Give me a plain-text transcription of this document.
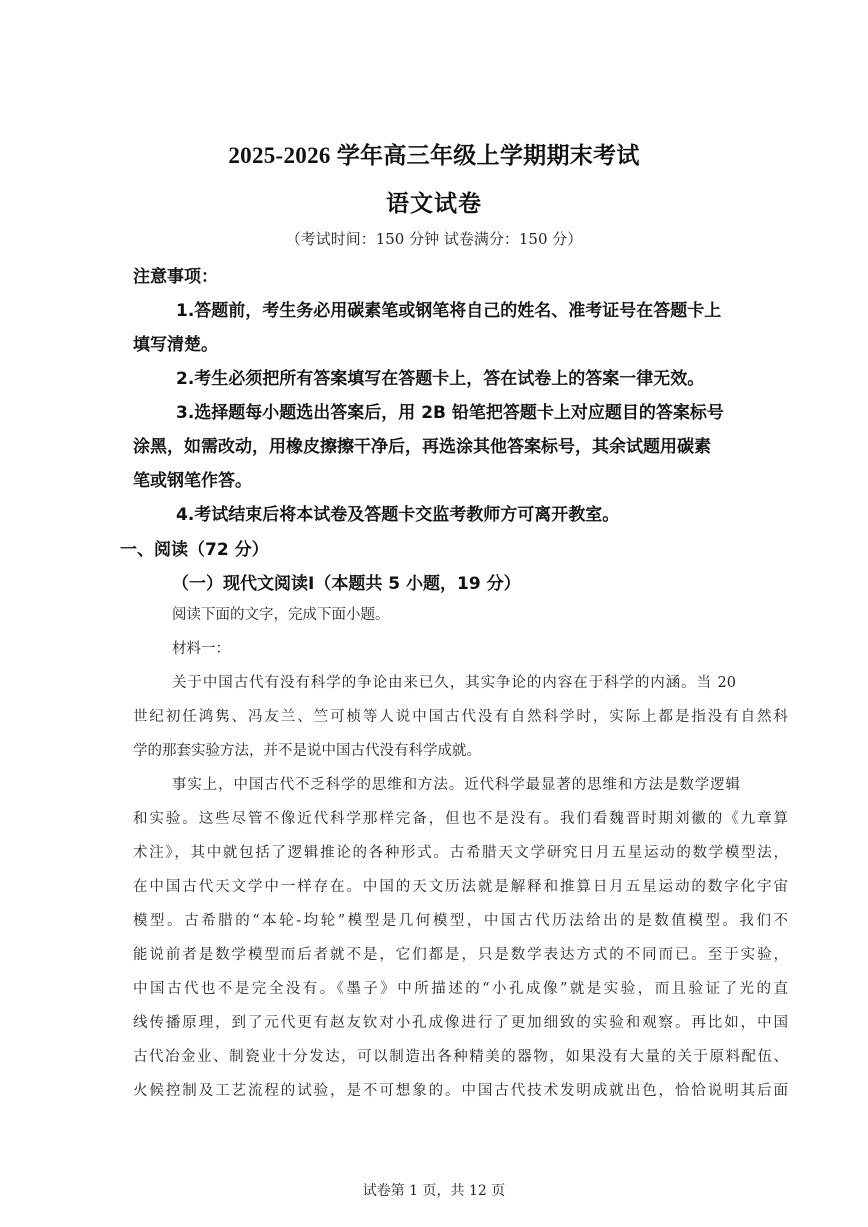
2025-2026 学年高三年级上学期期末考试
语文试卷
（考试时间：150 分钟 试卷满分：150 分）
注意事项：
1.答题前，考生务必用碳素笔或钢笔将自己的姓名、准考证号在答题卡上
填写清楚。
2.考生必须把所有答案填写在答题卡上，答在试卷上的答案一律无效。
3.选择题每小题选出答案后，用 2B 铅笔把答题卡上对应题目的答案标号
涂黑，如需改动，用橡皮擦擦干净后，再选涂其他答案标号，其余试题用碳素
笔或钢笔作答。
4.考试结束后将本试卷及答题卡交监考教师方可离开教室。
一、阅读（72 分）
（一）现代文阅读Ⅰ（本题共 5 小题，19 分）
阅读下面的文字，完成下面小题。
材料一：
关于中国古代有没有科学的争论由来已久，其实争论的内容在于科学的内涵。当 20
世纪初任鸿隽、冯友兰、竺可桢等人说中国古代没有自然科学时，实际上都是指没有自然科
学的那套实验方法，并不是说中国古代没有科学成就。
事实上，中国古代不乏科学的思维和方法。近代科学最显著的思维和方法是数学逻辑
和实验。这些尽管不像近代科学那样完备，但也不是没有。我们看魏晋时期刘徽的《九章算
术注》，其中就包括了逻辑推论的各种形式。古希腊天文学研究日月五星运动的数学模型法，
在中国古代天文学中一样存在。中国的天文历法就是解释和推算日月五星运动的数字化宇宙
模型。古希腊的“本轮-均轮”模型是几何模型，中国古代历法给出的是数值模型。我们不
能说前者是数学模型而后者就不是，它们都是，只是数学表达方式的不同而已。至于实验，
中国古代也不是完全没有。《墨子》中所描述的“小孔成像”就是实验，而且验证了光的直
线传播原理，到了元代更有赵友钦对小孔成像进行了更加细致的实验和观察。再比如，中国
古代冶金业、制瓷业十分发达，可以制造出各种精美的器物，如果没有大量的关于原料配伍、
火候控制及工艺流程的试验，是不可想象的。中国古代技术发明成就出色，恰恰说明其后面
试卷第 1 页，共 12 页
